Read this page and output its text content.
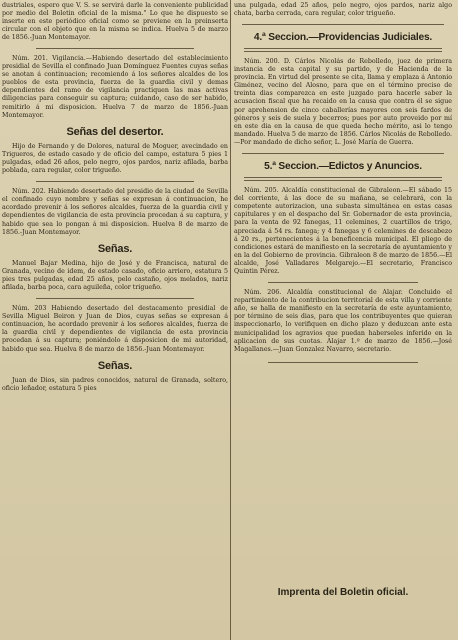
dustriales, espero que V. S. se servirá darle la conveniente publicidad por medio del Boletin oficial de la misma." Lo que he dispuesto se inserte en este periódico oficial como se previene en la preinserta circular con el objeto que en la misma se indica. Huelva 5 de marzo de 1856.-Juan Montemayor.

Núm. 201. Vigilancia.—Habiendo desertado del establecimiento presidial de Sevilla el confinado Juan Domínguez Fuentes cuyas señas se anotan á continuacion; recomiendo á los señores alcaldes de los pueblos de esta provincia, fuerza de la guardia civil y demas dependientes del ramo de vigilancia practiquen las mas activas diligencias para conseguir su captura; cuidando, caso de ser habido, remitirlo á mi disposicion. Huelva 7 de marzo de 1856.-Juan Montemayor.

Señas del desertor.

Hijo de Fernando y de Dolores, natural de Moguer, avecindado en Trigueros, de estado casado y de oficio del campo, estatura 5 pies 1 pulgadas, edad 26 años, pelo negro, ojos pardos, nariz afilada, barba poblada, cara regular, color trigueño.

Núm. 202. Habiendo desertado del presidio de la ciudad de Sevilla el confinado cuyo nombre y señas se expresan á continuacion, he acordado prevenir á los señores alcaldes, fuerza de la guardia civil y dependientes de vigilancia de esta provincia procedan á su captura, y habido que sea lo pongan á mi disposicion. Huelva 8 de marzo de 1856.-Juan Montemayor.

Señas.

Manuel Bajar Medina, hijo de José y de Francisca, natural de Granada, vecino de idem, de estado casado, oficio arriero, estatura 5 pies tres pulgadas, edad 25 años, pelo castaño, ojos melados, nariz afilada, barba poca, cara aguileña, color trigueño.

Núm. 203 Habiendo desertado del destacamento presidial de Sevilla Miguel Beiron y Juan de Dios, cuyas señas se expresan á continuacion, he acordado prevenir á los señores alcaldes, fuerza de la guardia civil y dependientes de vigilancia de esta provincia procedan á su captura; poniéndolo á disposicion de mi autoridad, habido que sea. Huelva 8 de marzo de 1856.-Juan Montemayor.

Señas.

Juan de Dios, sin padres conocidos, natural de Granada, soltero, oficio leñador, estatura 5 pies

una pulgada, edad 25 años, pelo negro, ojos pardos, nariz algo chata, barba cerrada, cara regular, color trigueño.

4.ª Seccion.—Providencias Judiciales.

Núm. 200. D. Cárlos Nicolás de Rebolledo, juez de primera instancia de esta capital y su partido, y de Hacienda de la provincia. En virtud del presente se cita, llama y emplaza á Antonio Giménez, vecino del Alosno, para que en el término preciso de treinta dias comparezca en este juzgado para hacerle saber la acusacion fiscal que ha recaido en la causa que contra él se sigue por aprehension de cinco caballerías mayores con seis fardos de géneros y seis de suela y becerros; pues por auto proveido por mí en este dia en la causa de que queda hecho mérito, asi lo tengo mandado. Huelva 5 de marzo de 1856. Cárlos Nicolás de Rebolledo.—Por mandado de dicho señor, L. José María de Guerra.

5.ª Seccion.—Edictos y Anuncios.

Núm. 205. Alcaldía constitucional de Gibraleon.—El sábado 15 del corriente, á las doce de su mañana, se celebrará, con la competente autorizacion, una subasta simultánea en estas casas capitulares y en el despacho del Sr. Gobernador de esta provincia, para la venta de 92 fanegas, 11 celemines, 2 cuartillos de trigo, apreciada á 54 rs. fanega; y 4 fanegas y 6 celemines de descabezo á 20 rs., pertenecientes á la beneficencia municipal. El pliego de condiciones estará de manifiesto en la secretaría de ayuntamiento y en la del Gobierno de provincia. Gibraleon 8 de marzo de 1856.—El alcalde, José Valladares Melgarejo.—El secretario, Francisco Quintin Pérez.

Núm. 206. Alcaldía constitucional de Alajar. Concluido el repartimiento de la contribucion territorial de esta villa y corriente año, se halla de manifiesto en la secretaría de este ayuntamiento, por término de seis dias, para que los contribuyentes que quieran inspeccionarlo, lo verifiquen en dicho plazo y deduzcan ante esta municipalidad los agravios que puedan haberseles inferido en la aplicacion de sus cuotas. Alajar 1.º de marzo de 1856.—José Magallanes.—Juan Gonzalez Navarro, secretario.

Imprenta del Boletin oficial.
